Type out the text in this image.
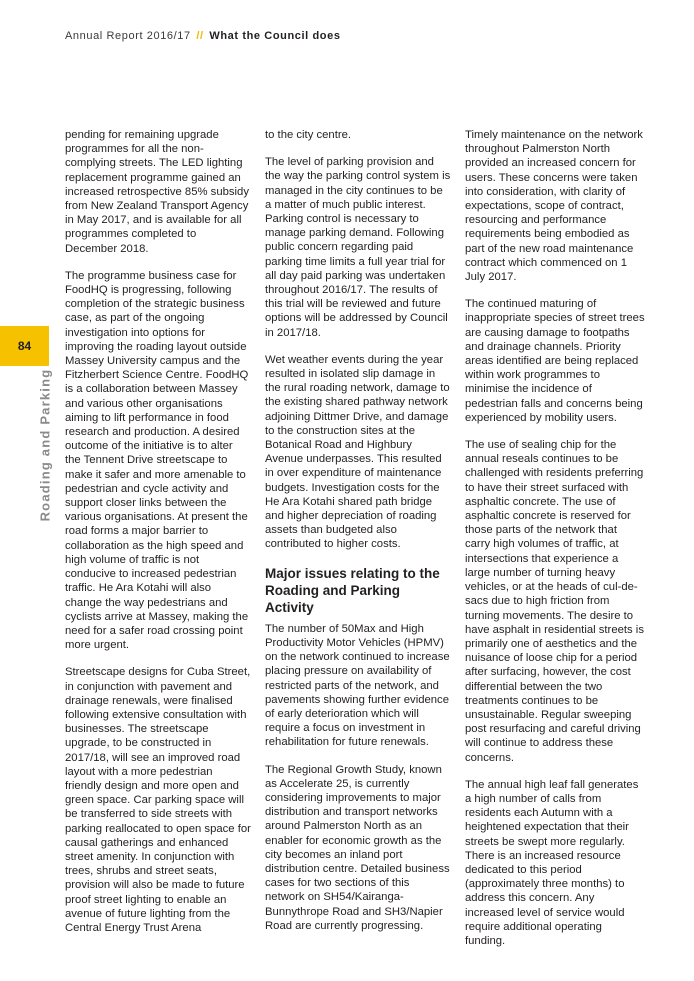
Annual Report 2016/17 // What the Council does
84
Roading and Parking

pending for remaining upgrade programmes for all the non-complying streets. The LED lighting replacement programme gained an increased retrospective 85% subsidy from New Zealand Transport Agency in May 2017, and is available for all programmes completed to December 2018.

The programme business case for FoodHQ is progressing, following completion of the strategic business case, as part of the ongoing investigation into options for improving the roading layout outside Massey University campus and the Fitzherbert Science Centre. FoodHQ is a collaboration between Massey and various other organisations aiming to lift performance in food research and production. A desired outcome of the initiative is to alter the Tennent Drive streetscape to make it safer and more amenable to pedestrian and cycle activity and support closer links between the various organisations. At present the road forms a major barrier to collaboration as the high speed and high volume of traffic is not conducive to increased pedestrian traffic. He Ara Kotahi will also change the way pedestrians and cyclists arrive at Massey, making the need for a safer road crossing point more urgent.

Streetscape designs for Cuba Street, in conjunction with pavement and drainage renewals, were finalised following extensive consultation with businesses. The streetscape upgrade, to be constructed in 2017/18, will see an improved road layout with a more pedestrian friendly design and more open and green space. Car parking space will be transferred to side streets with parking reallocated to open space for causal gatherings and enhanced street amenity. In conjunction with trees, shrubs and street seats, provision will also be made to future proof street lighting to enable an avenue of future lighting from the Central Energy Trust Arena

to the city centre.

The level of parking provision and the way the parking control system is managed in the city continues to be a matter of much public interest. Parking control is necessary to manage parking demand. Following public concern regarding paid parking time limits a full year trial for all day paid parking was undertaken throughout 2016/17. The results of this trial will be reviewed and future options will be addressed by Council in 2017/18.

Wet weather events during the year resulted in isolated slip damage in the rural roading network, damage to the existing shared pathway network adjoining Dittmer Drive, and damage to the construction sites at the Botanical Road and Highbury Avenue underpasses. This resulted in over expenditure of maintenance budgets. Investigation costs for the He Ara Kotahi shared path bridge and higher depreciation of roading assets than budgeted also contributed to higher costs.

Major issues relating to the Roading and Parking Activity

The number of 50Max and High Productivity Motor Vehicles (HPMV) on the network continued to increase placing pressure on availability of restricted parts of the network, and pavements showing further evidence of early deterioration which will require a focus on investment in rehabilitation for future renewals.

The Regional Growth Study, known as Accelerate 25, is currently considering improvements to major distribution and transport networks around Palmerston North as an enabler for economic growth as the city becomes an inland port distribution centre. Detailed business cases for two sections of this network on SH54/Kairanga-Bunnythrope Road and SH3/Napier Road are currently progressing.

Timely maintenance on the network throughout Palmerston North provided an increased concern for users. These concerns were taken into consideration, with clarity of expectations, scope of contract, resourcing and performance requirements being embodied as part of the new road maintenance contract which commenced on 1 July 2017.

The continued maturing of inappropriate species of street trees are causing damage to footpaths and drainage channels. Priority areas identified are being replaced within work programmes to minimise the incidence of pedestrian falls and concerns being experienced by mobility users.

The use of sealing chip for the annual reseals continues to be challenged with residents preferring to have their street surfaced with asphaltic concrete. The use of asphaltic concrete is reserved for those parts of the network that carry high volumes of traffic, at intersections that experience a large number of turning heavy vehicles, or at the heads of cul-de-sacs due to high friction from turning movements. The desire to have asphalt in residential streets is primarily one of aesthetics and the nuisance of loose chip for a period after surfacing, however, the cost differential between the two treatments continues to be unsustainable. Regular sweeping post resurfacing and careful driving will continue to address these concerns.

The annual high leaf fall generates a high number of calls from residents each Autumn with a heightened expectation that their streets be swept more regularly. There is an increased resource dedicated to this period (approximately three months) to address this concern. Any increased level of service would require additional operating funding.
